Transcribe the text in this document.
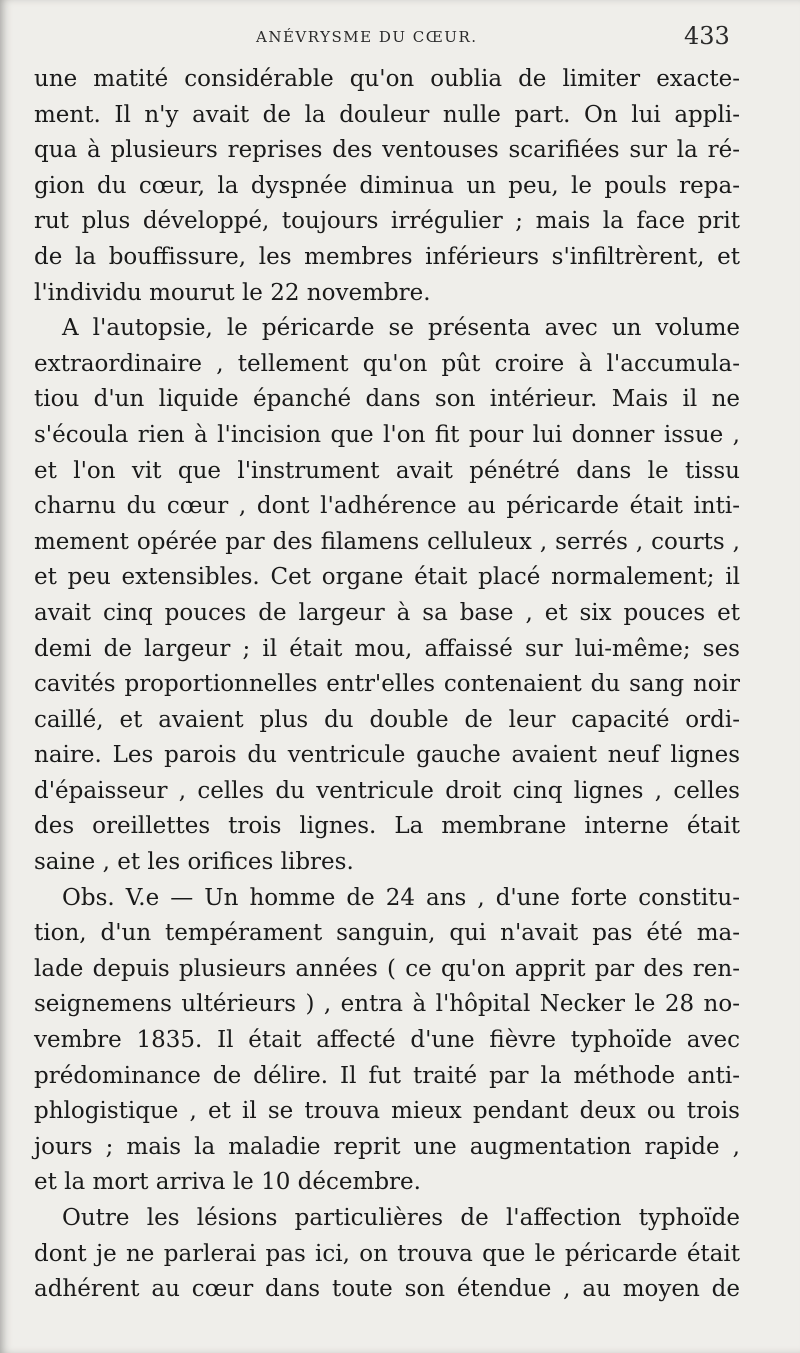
ANÉVRYSME DU CŒUR.	433
une matité considérable qu'on oublia de limiter exacte-
ment. Il n'y avait de la douleur nulle part. On lui appli-
qua à plusieurs reprises des ventouses scarifiées sur la ré-
gion du cœur, la dyspnée diminua un peu, le pouls repa-
rut plus développé, toujours irrégulier ; mais la face prit
de la bouffissure, les membres inférieurs s'infiltrèrent, et
l'individu mourut le 22 novembre.
A l'autopsie, le péricarde se présenta avec un volume
extraordinaire , tellement qu'on pût croire à l'accumula-
tiou d'un liquide épanché dans son intérieur. Mais il ne
s'écoula rien à l'incision que l'on fit pour lui donner issue ,
et l'on vit que l'instrument avait pénétré dans le tissu
charnu du cœur , dont l'adhérence au péricarde était inti-
mement opérée par des filamens celluleux , serrés , courts ,
et peu extensibles. Cet organe était placé normalement; il
avait cinq pouces de largeur à sa base , et six pouces et
demi de largeur ; il était mou, affaissé sur lui-même; ses
cavités proportionnelles entr'elles contenaient du sang noir
caillé, et avaient plus du double de leur capacité ordi-
naire. Les parois du ventricule gauche avaient neuf lignes
d'épaisseur , celles du ventricule droit cinq lignes , celles
des oreillettes trois lignes. La membrane interne était
saine , et les orifices libres.
Obs. V.e — Un homme de 24 ans , d'une forte constitu-
tion, d'un tempérament sanguin, qui n'avait pas été ma-
lade depuis plusieurs années ( ce qu'on apprit par des ren-
seignemens ultérieurs ) , entra à l'hôpital Necker le 28 no-
vembre 1835. Il était affecté d'une fièvre typhoïde avec
prédominance de délire. Il fut traité par la méthode anti-
phlogistique , et il se trouva mieux pendant deux ou trois
jours ; mais la maladie reprit une augmentation rapide ,
et la mort arriva le 10 décembre.
Outre les lésions particulières de l'affection typhoïde
dont je ne parlerai pas ici, on trouva que le péricarde était
adhérent au cœur dans toute son étendue , au moyen de
